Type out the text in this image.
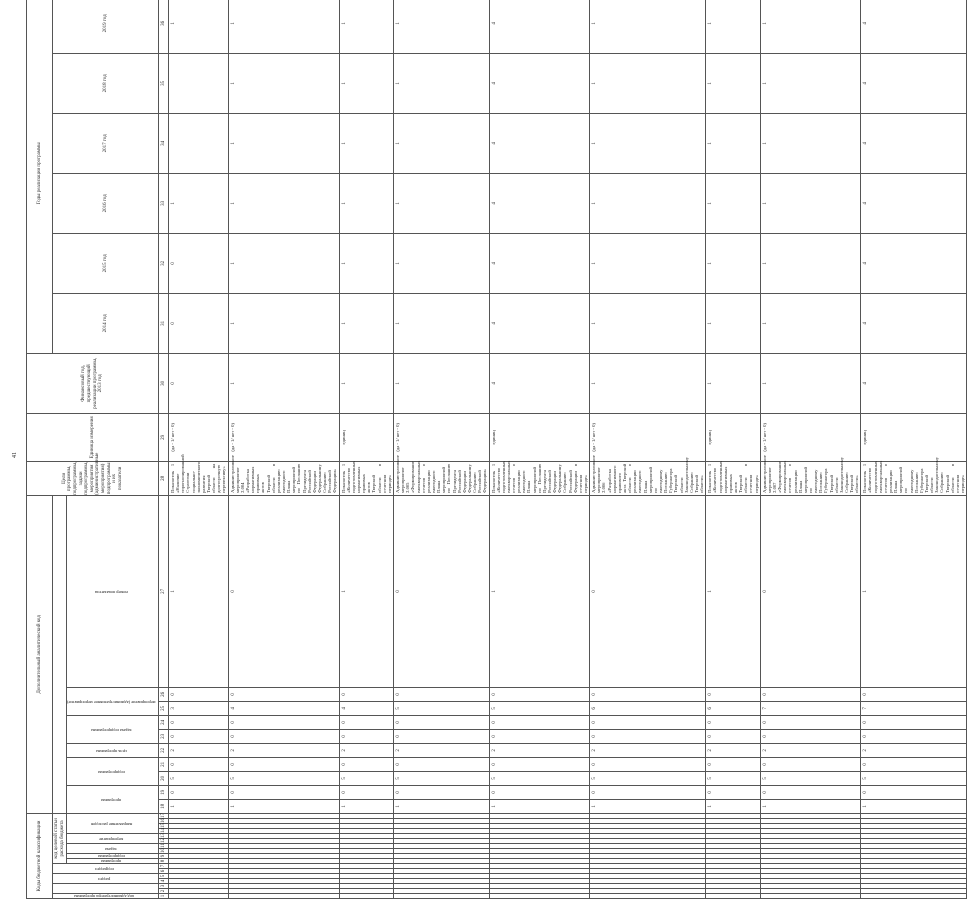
41
Коды бюджетной классификации																	Дополнительный аналитический код										Цели программы, подпрограммы, задачи подпрограммы, мероприятия (административные мероприятия) подпрограммы и их показатели	Единица измерения	Финансовый год, предшествующий реализации программы, 2013 год	Годы реализации программы	
код администратора программы			раздел		подраздел		код целевой статьи расхода бюджета																							2014 год	2015 год	2016 год	2017 год	2018 год	2019 год	
							программа	подпрограмма	задача		мероприятие		направление расходов				программа		подпрограмма		цель программы	задача подпрограммы		мероприятие (административное мероприятие)		номер показателя										
1	2	3	4	5	6	7	8	9	10	11	12	13	14	15	16	17	18	19	20	21	22	23	24	25	26	27	28	29	30	31	32	33	34	35	36	
																	1	0	5	0	2	0	0	3	0	1	Показатель 1 «Наличие спрогнозированной Стратегии социально-экономического развития Тверской области на долгосрочную перспективу»	(да - 1/ нет - 0)	0	0	0	1			1	
																	1	0	5	0	2	0	0	4	0	0	Административное мероприятие 2.004 «Разработка нормативных правовых актов Тверской области в реализацию ежегодного Плана мероприятий по Посланию Президента Российской Федерации Федеральному Собранию Российской Федерации»	(да - 1/ нет - 0)	1	1	1	1	1	1	1	
																	1	0	5	0	2	0	0	4	0	1	Показатель 1 «Количество подготовленных нормативных правовых актов Тверской области в отчетном периоде»	единиц	1	1	1	1	1	1	1	
																	1	0	5	0	2	0	0	5	0	0	Административное мероприятие 2.005 «Формирование ежеквартальных отчетов о реализации ежегодного Плана мероприятий по Посланию Президента Российской Федерации Федеральному Собранию Российской Федерации»	(да - 1/ нет - 0)	1	1	1	1	1	1	1	
																	1	0	5	0	2	0	0	5	0	1	Показатель 1 «Количество подготовленных ежеквартальных отчетов о реализации ежегодного Плана мероприятий по Посланию Президента Российской Федерации Федеральному Собранию Российской Федерации в отчетном периоде»	единиц	4	4	4	4	4	4	4	
																	1	0	5	0	2	0	0	6	0	0	Административное мероприятие 2.006 «Разработка нормативного правового акта Тверской области о реализации ежегодного Плана мероприятий по ежегодному Посланию Губернатора Тверской области Законодательному Собранию Тверской области»	(да - 1/ нет - 0)	1	1	1	1	1	1	1	
																	1	0	5	0	2	0	0	6	0	1	Показатель 1 «Количество подготовленных нормативных правовых актов Тверской области в отчетном периоде»	единиц	1	1	1	1	1	1	1	
																	1	0	5	0	2	0	0	7	0	0	Административное мероприятие 2.007 «Формирование ежеквартальных отчетов о реализации Плана мероприятий по ежегодному Посланию Губернатора Тверской области Законодательному Собранию Тверской области»	(да - 1/ нет - 0)	1	1	1	1	1	1	1	
																	1	0	5	0	2	0	0	7	0	1	Показатель 1 «Количество подготовленных ежеквартальных отчетов о реализации Плана мероприятий по ежегодному Посланию Губернатора Тверской области Законодательному Собранию Тверской области в отчетном периоде»	единиц	4	4	4	4	4	4	4	
